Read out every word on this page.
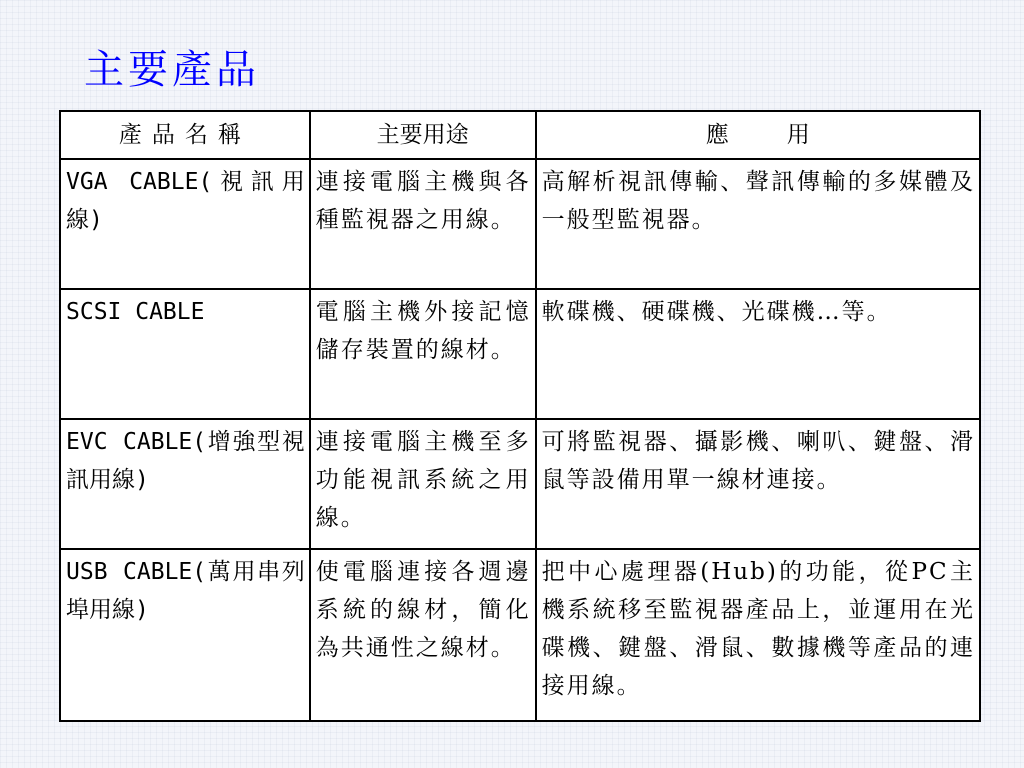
主要產品
產品名稱	主要用途	應 用
VGA CABLE(視訊用線)	連接電腦主機與各種監視器之用線。	高解析視訊傳輸、聲訊傳輸的多媒體及一般型監視器。
SCSI CABLE	電腦主機外接記憶儲存裝置的線材。	軟碟機、硬碟機、光碟機…等。
EVC CABLE(增強型視訊用線)	連接電腦主機至多功能視訊系統之用線。	可將監視器、攝影機、喇叭、鍵盤、滑鼠等設備用單一線材連接。
USB CABLE(萬用串列埠用線)	使電腦連接各週邊系統的線材，簡化為共通性之線材。	把中心處理器(Hub)的功能，從PC主機系統移至監視器產品上，並運用在光碟機、鍵盤、滑鼠、數據機等產品的連接用線。
